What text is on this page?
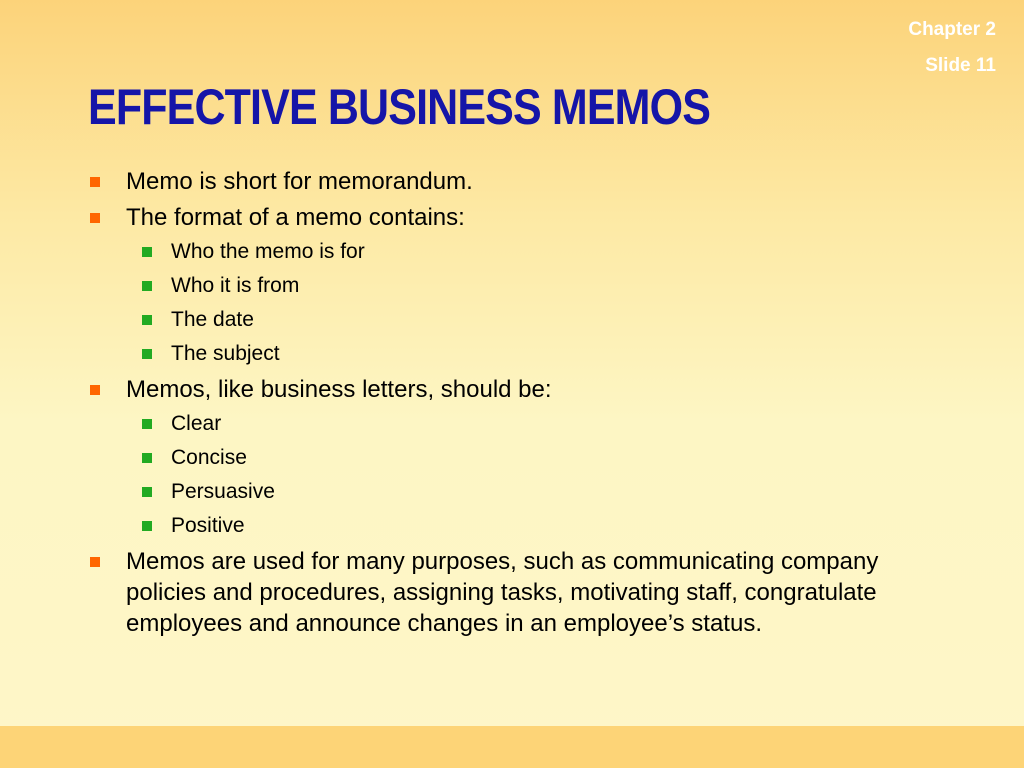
Chapter 2
Slide 11
EFFECTIVE BUSINESS MEMOS
Memo is short for memorandum.
The format of a memo contains:
Who the memo is for
Who it is from
The date
The subject
Memos, like business letters, should be:
Clear
Concise
Persuasive
Positive
Memos are used for many purposes, such as communicating company policies and procedures, assigning tasks, motivating staff, congratulate employees and announce changes in an employee’s status.
